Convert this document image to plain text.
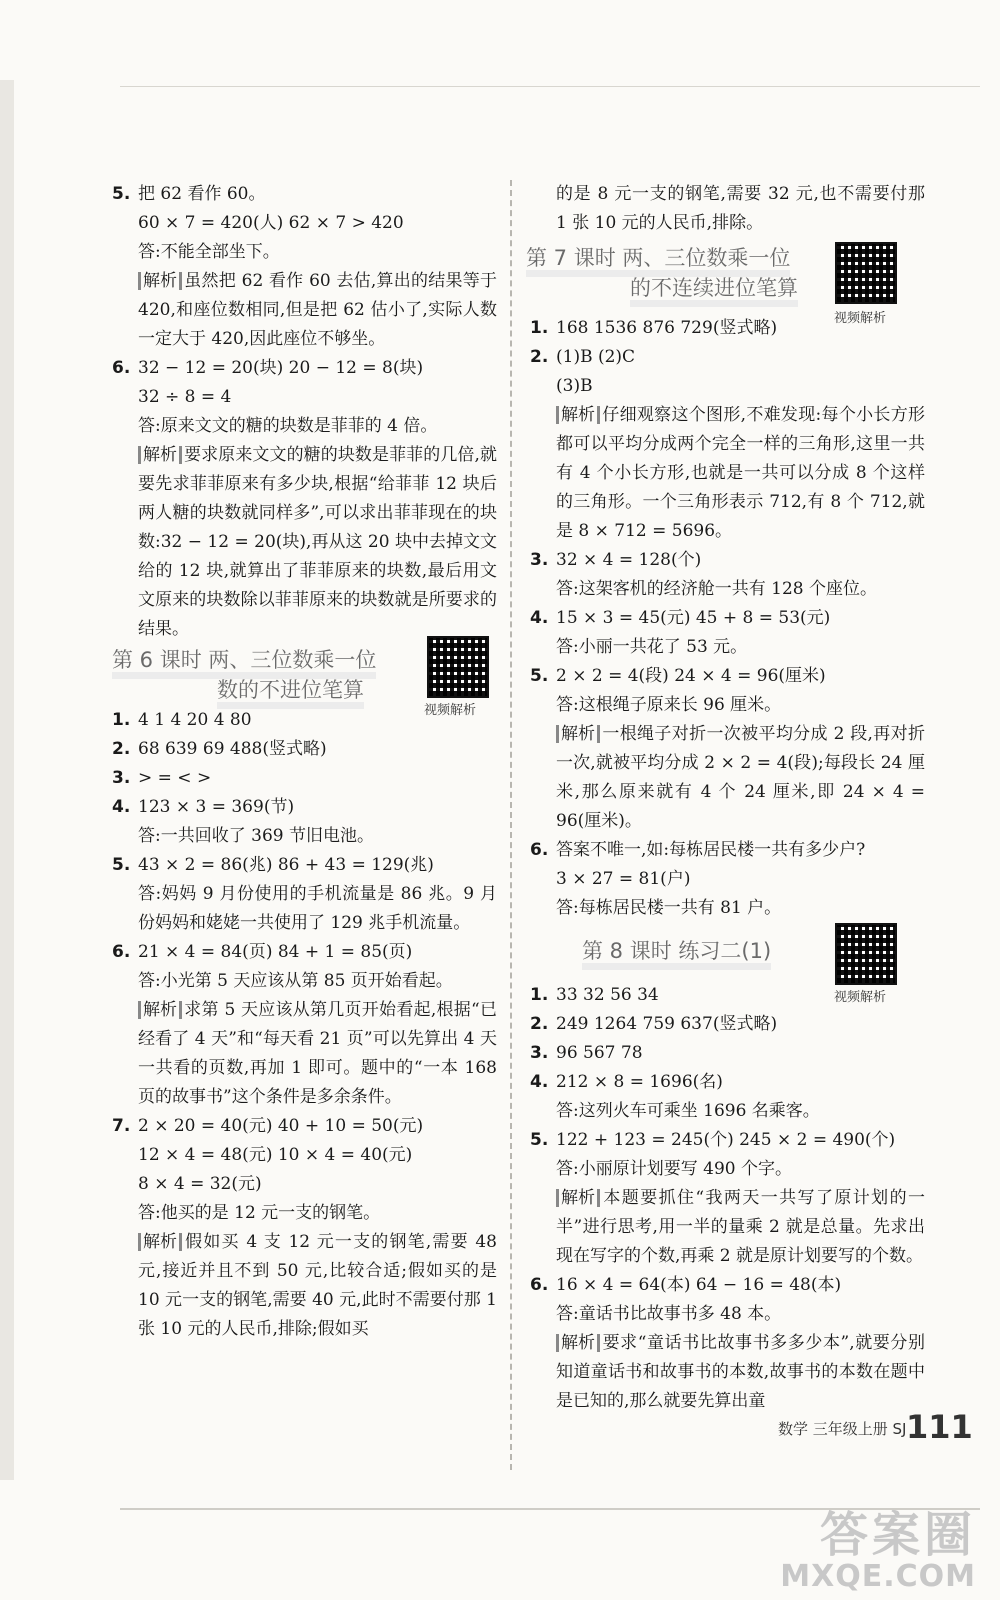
5. 把 62 看作 60。
60 × 7 = 420(人) 62 × 7 > 420
答:不能全部坐下。
解析 虽然把 62 看作 60 去估,算出的结果等于 420,和座位数相同,但是把 62 估小了,实际人数一定大于 420,因此座位不够坐。
6. 32 − 12 = 20(块) 20 − 12 = 8(块)
32 ÷ 8 = 4
答:原来文文的糖的块数是菲菲的 4 倍。
解析 要求原来文文的糖的块数是菲菲的几倍,就要先求菲菲原来有多少块,根据“给菲菲 12 块后两人糖的块数就同样多”,可以求出菲菲现在的块数:32 − 12 = 20(块),再从这 20 块中去掉文文给的 12 块,就算出了菲菲原来的块数,最后用文文原来的块数除以菲菲原来的块数就是所要求的结果。
第 6 课时 两、三位数乘一位
数的不进位笔算
视频解析
1. 4 1 4 20 4 80
2. 68 639 69 488(竖式略)
3. > = < >
4. 123 × 3 = 369(节)
答:一共回收了 369 节旧电池。
5. 43 × 2 = 86(兆) 86 + 43 = 129(兆)
答:妈妈 9 月份使用的手机流量是 86 兆。9 月份妈妈和姥姥一共使用了 129 兆手机流量。
6. 21 × 4 = 84(页) 84 + 1 = 85(页)
答:小光第 5 天应该从第 85 页开始看起。
解析 求第 5 天应该从第几页开始看起,根据“已经看了 4 天”和“每天看 21 页”可以先算出 4 天一共看的页数,再加 1 即可。题中的“一本 168 页的故事书”这个条件是多余条件。
7. 2 × 20 = 40(元) 40 + 10 = 50(元)
12 × 4 = 48(元) 10 × 4 = 40(元)
8 × 4 = 32(元)
答:他买的是 12 元一支的钢笔。
解析 假如买 4 支 12 元一支的钢笔,需要 48 元,接近并且不到 50 元,比较合适;假如买的是 10 元一支的钢笔,需要 40 元,此时不需要付那 1 张 10 元的人民币,排除;假如买
的是 8 元一支的钢笔,需要 32 元,也不需要付那 1 张 10 元的人民币,排除。
第 7 课时 两、三位数乘一位
的不连续进位笔算
视频解析
1. 168 1536 876 729(竖式略)
2. (1)B (2)C
(3)B
解析 仔细观察这个图形,不难发现:每个小长方形都可以平均分成两个完全一样的三角形,这里一共有 4 个小长方形,也就是一共可以分成 8 个这样的三角形。一个三角形表示 712,有 8 个 712,就是 8 × 712 = 5696。
3. 32 × 4 = 128(个)
答:这架客机的经济舱一共有 128 个座位。
4. 15 × 3 = 45(元) 45 + 8 = 53(元)
答:小丽一共花了 53 元。
5. 2 × 2 = 4(段) 24 × 4 = 96(厘米)
答:这根绳子原来长 96 厘米。
解析 一根绳子对折一次被平均分成 2 段,再对折一次,就被平均分成 2 × 2 = 4(段);每段长 24 厘米,那么原来就有 4 个 24 厘米,即 24 × 4 = 96(厘米)。
6. 答案不唯一,如:每栋居民楼一共有多少户?
3 × 27 = 81(户)
答:每栋居民楼一共有 81 户。
第 8 课时 练习二(1)
视频解析
1. 33 32 56 34
2. 249 1264 759 637(竖式略)
3. 96 567 78
4. 212 × 8 = 1696(名)
答:这列火车可乘坐 1696 名乘客。
5. 122 + 123 = 245(个) 245 × 2 = 490(个)
答:小丽原计划要写 490 个字。
解析 本题要抓住“我两天一共写了原计划的一半”进行思考,用一半的量乘 2 就是总量。先求出现在写字的个数,再乘 2 就是原计划要写的个数。
6. 16 × 4 = 64(本) 64 − 16 = 48(本)
答:童话书比故事书多 48 本。
解析 要求“童话书比故事书多多少本”,就要分别知道童话书和故事书的本数,故事书的本数在题中是已知的,那么就要先算出童
数学 三年级上册 SJ 111
答案圈
MXQE.COM
